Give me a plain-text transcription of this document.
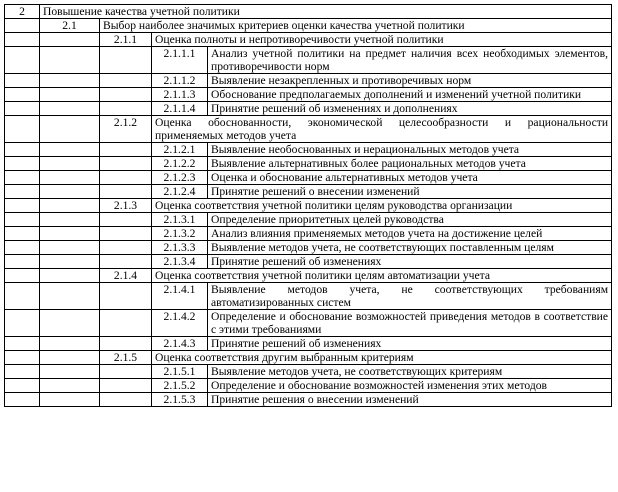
2	Повышение качества учетной политики			
	2.1	Выбор наиболее значимых критериев оценки качества учетной политики		
		2.1.1	Оценка полноты и непротиворечивости учетной политики	
			2.1.1.1	Анализ учетной политики на предмет наличия всех необходимых элементов, противоречивости норм
			2.1.1.2	Выявление незакрепленных и противоречивых норм
			2.1.1.3	Обоснование предполагаемых дополнений и изменений учетной политики
			2.1.1.4	Принятие решений об изменениях и дополнениях
		2.1.2	Оценка обоснованности, экономической целесообразности и рациональности применяемых методов учета	
			2.1.2.1	Выявление необоснованных и нерациональных методов учета
			2.1.2.2	Выявление альтернативных более рациональных методов учета
			2.1.2.3	Оценка и обоснование альтернативных методов учета
			2.1.2.4	Принятие решений о внесении изменений
		2.1.3	Оценка соответствия учетной политики целям руководства организации	
			2.1.3.1	Определение приоритетных целей руководства
			2.1.3.2	Анализ влияния применяемых методов учета на достижение целей
			2.1.3.3	Выявление методов учета, не соответствующих поставленным целям
			2.1.3.4	Принятие решений об изменениях
		2.1.4	Оценка соответствия учетной политики целям автоматизации учета	
			2.1.4.1	Выявление методов учета, не соответствующих требованиям автоматизированных систем
			2.1.4.2	Определение и обоснование возможностей приведения методов в соответствие с этими требованиями
			2.1.4.3	Принятие решений об изменениях
		2.1.5	Оценка соответствия другим выбранным критериям	
			2.1.5.1	Выявление методов учета, не соответствующих критериям
			2.1.5.2	Определение и обоснование возможностей изменения этих методов
			2.1.5.3	Принятие решения о внесении изменений
